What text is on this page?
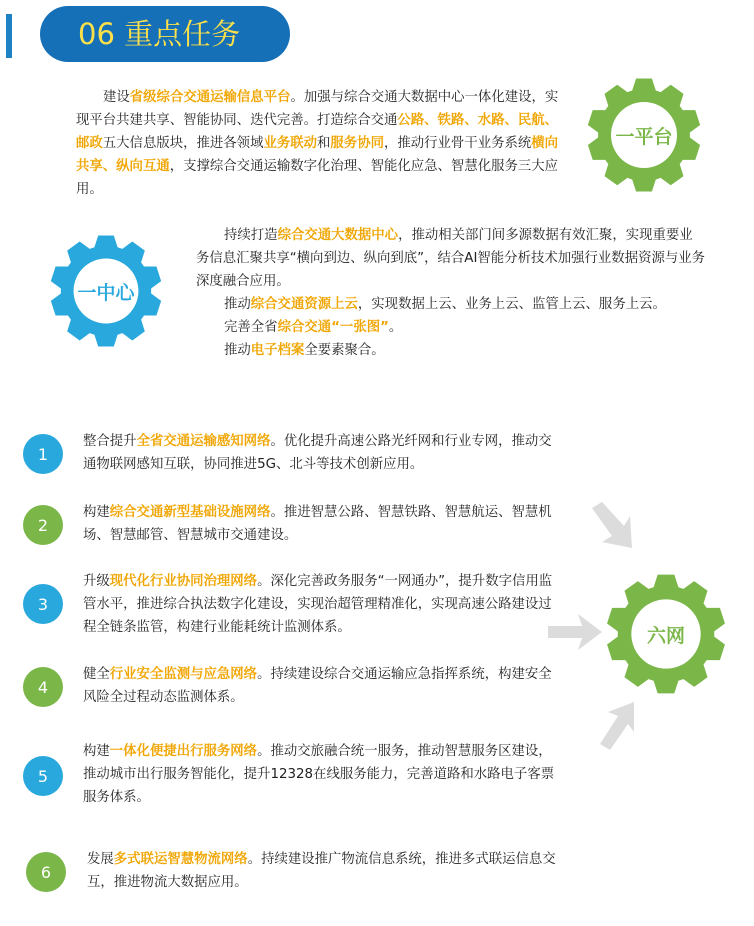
06 重点任务
建设省级综合交通运输信息平台。加强与综合交通大数据中心一体化建设，实现平台共建共享、智能协同、迭代完善。打造综合交通公路、铁路、水路、民航、邮政五大信息版块，推进各领域业务联动和服务协同，推动行业骨干业务系统横向共享、纵向互通，支撑综合交通运输数字化治理、智能化应急、智慧化服务三大应用。
一平台
一中心
持续打造综合交通大数据中心，推动相关部门间多源数据有效汇聚，实现重要业务信息汇聚共享“横向到边、纵向到底”，结合AI智能分析技术加强行业数据资源与业务深度融合应用。
推动综合交通资源上云，实现数据上云、业务上云、监管上云、服务上云。
完善全省综合交通“一张图”。
推动电子档案全要素聚合。
六网
1
整合提升全省交通运输感知网络。优化提升高速公路光纤网和行业专网，推动交通物联网感知互联，协同推进5G、北斗等技术创新应用。
2
构建综合交通新型基础设施网络。推进智慧公路、智慧铁路、智慧航运、智慧机场、智慧邮管、智慧城市交通建设。
3
升级现代化行业协同治理网络。深化完善政务服务“一网通办”，提升数字信用监管水平，推进综合执法数字化建设，实现治超管理精准化，实现高速公路建设过程全链条监管，构建行业能耗统计监测体系。
4
健全行业安全监测与应急网络。持续建设综合交通运输应急指挥系统，构建安全风险全过程动态监测体系。
5
构建一体化便捷出行服务网络。推动交旅融合统一服务，推动智慧服务区建设，推动城市出行服务智能化，提升12328在线服务能力，完善道路和水路电子客票服务体系。
6
发展多式联运智慧物流网络。持续建设推广物流信息系统，推进多式联运信息交互，推进物流大数据应用。
